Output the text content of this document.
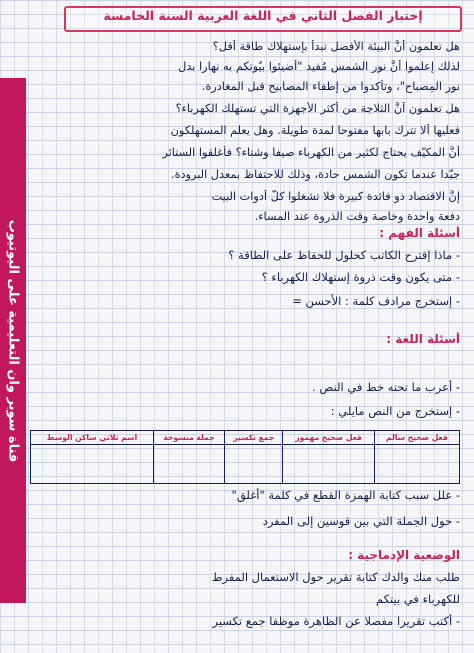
إختبار الفصل الثاني في اللغة العربية السنة الخامسة
قناة سوبر وان التعليمية على اليوتيوب
هل تعلمون أنَّ البيئة الأفضل تبدأ بإستهلاك طاقة أقل؟
لذلك إعلموا أنَّ نور الشمس مُفيد "أضيئوا بيُوتكم به نهارا بدل
نور المِصباح"، وتأكدوا من إطفاء المصابيح قبل المغادرة.
هل تعلمون أنَّ الثلاجة من أكثر الأجهزة التي تستهلك الكهرباء؟
فعليها ألا تترك بابها مفتوحا لمدة طويلة. وهل يعلم المستهلكون
أنَّ المكيّف يحتاج لكثير من الكهرباء صيفا وشتاء؟ فأغلقوا الستائر
جيّدا عندما تكون الشمس حادة، وذلك للاحتفاظ بمعدل البرودة.
إنَّ الاقتصاد ذو فائدة كبيرة فلا تشغلوا كلَّ أدوات البيت
دفعة واحدة وخاصة وقت الذروة عند المساء.
أسئلة الفهم :
- ماذا إقترح الكاتب كحلول للحفاظ على الطاقة ؟
- متى يكون وقت ذروة إستهلاك الكهرباء ؟
- إستخرج مرادف كلمة : الأحسن =
أسئلة اللغة :
- أعرب ما تحته خط في النص .
- إستخرج من النص مايلي :
فعل صحيح سالم	فعل صحيح مهموز	جمع تكسير	جملة منسوخة	اسم ثلاثي ساكن الوسط

- علل سبب كتابة الهمزة القطع في كلمة "أغلق"
- حول الجملة التي بين قوسين إلى المفرد
الوضعية الإدماجية :
طلب منك والدك كتابة تقرير حول الاستعمال المفرط
للكهرباء في بيتكم
- أكتب تقريرا مفصلا عن الظاهرة موظفا جمع تكسير
